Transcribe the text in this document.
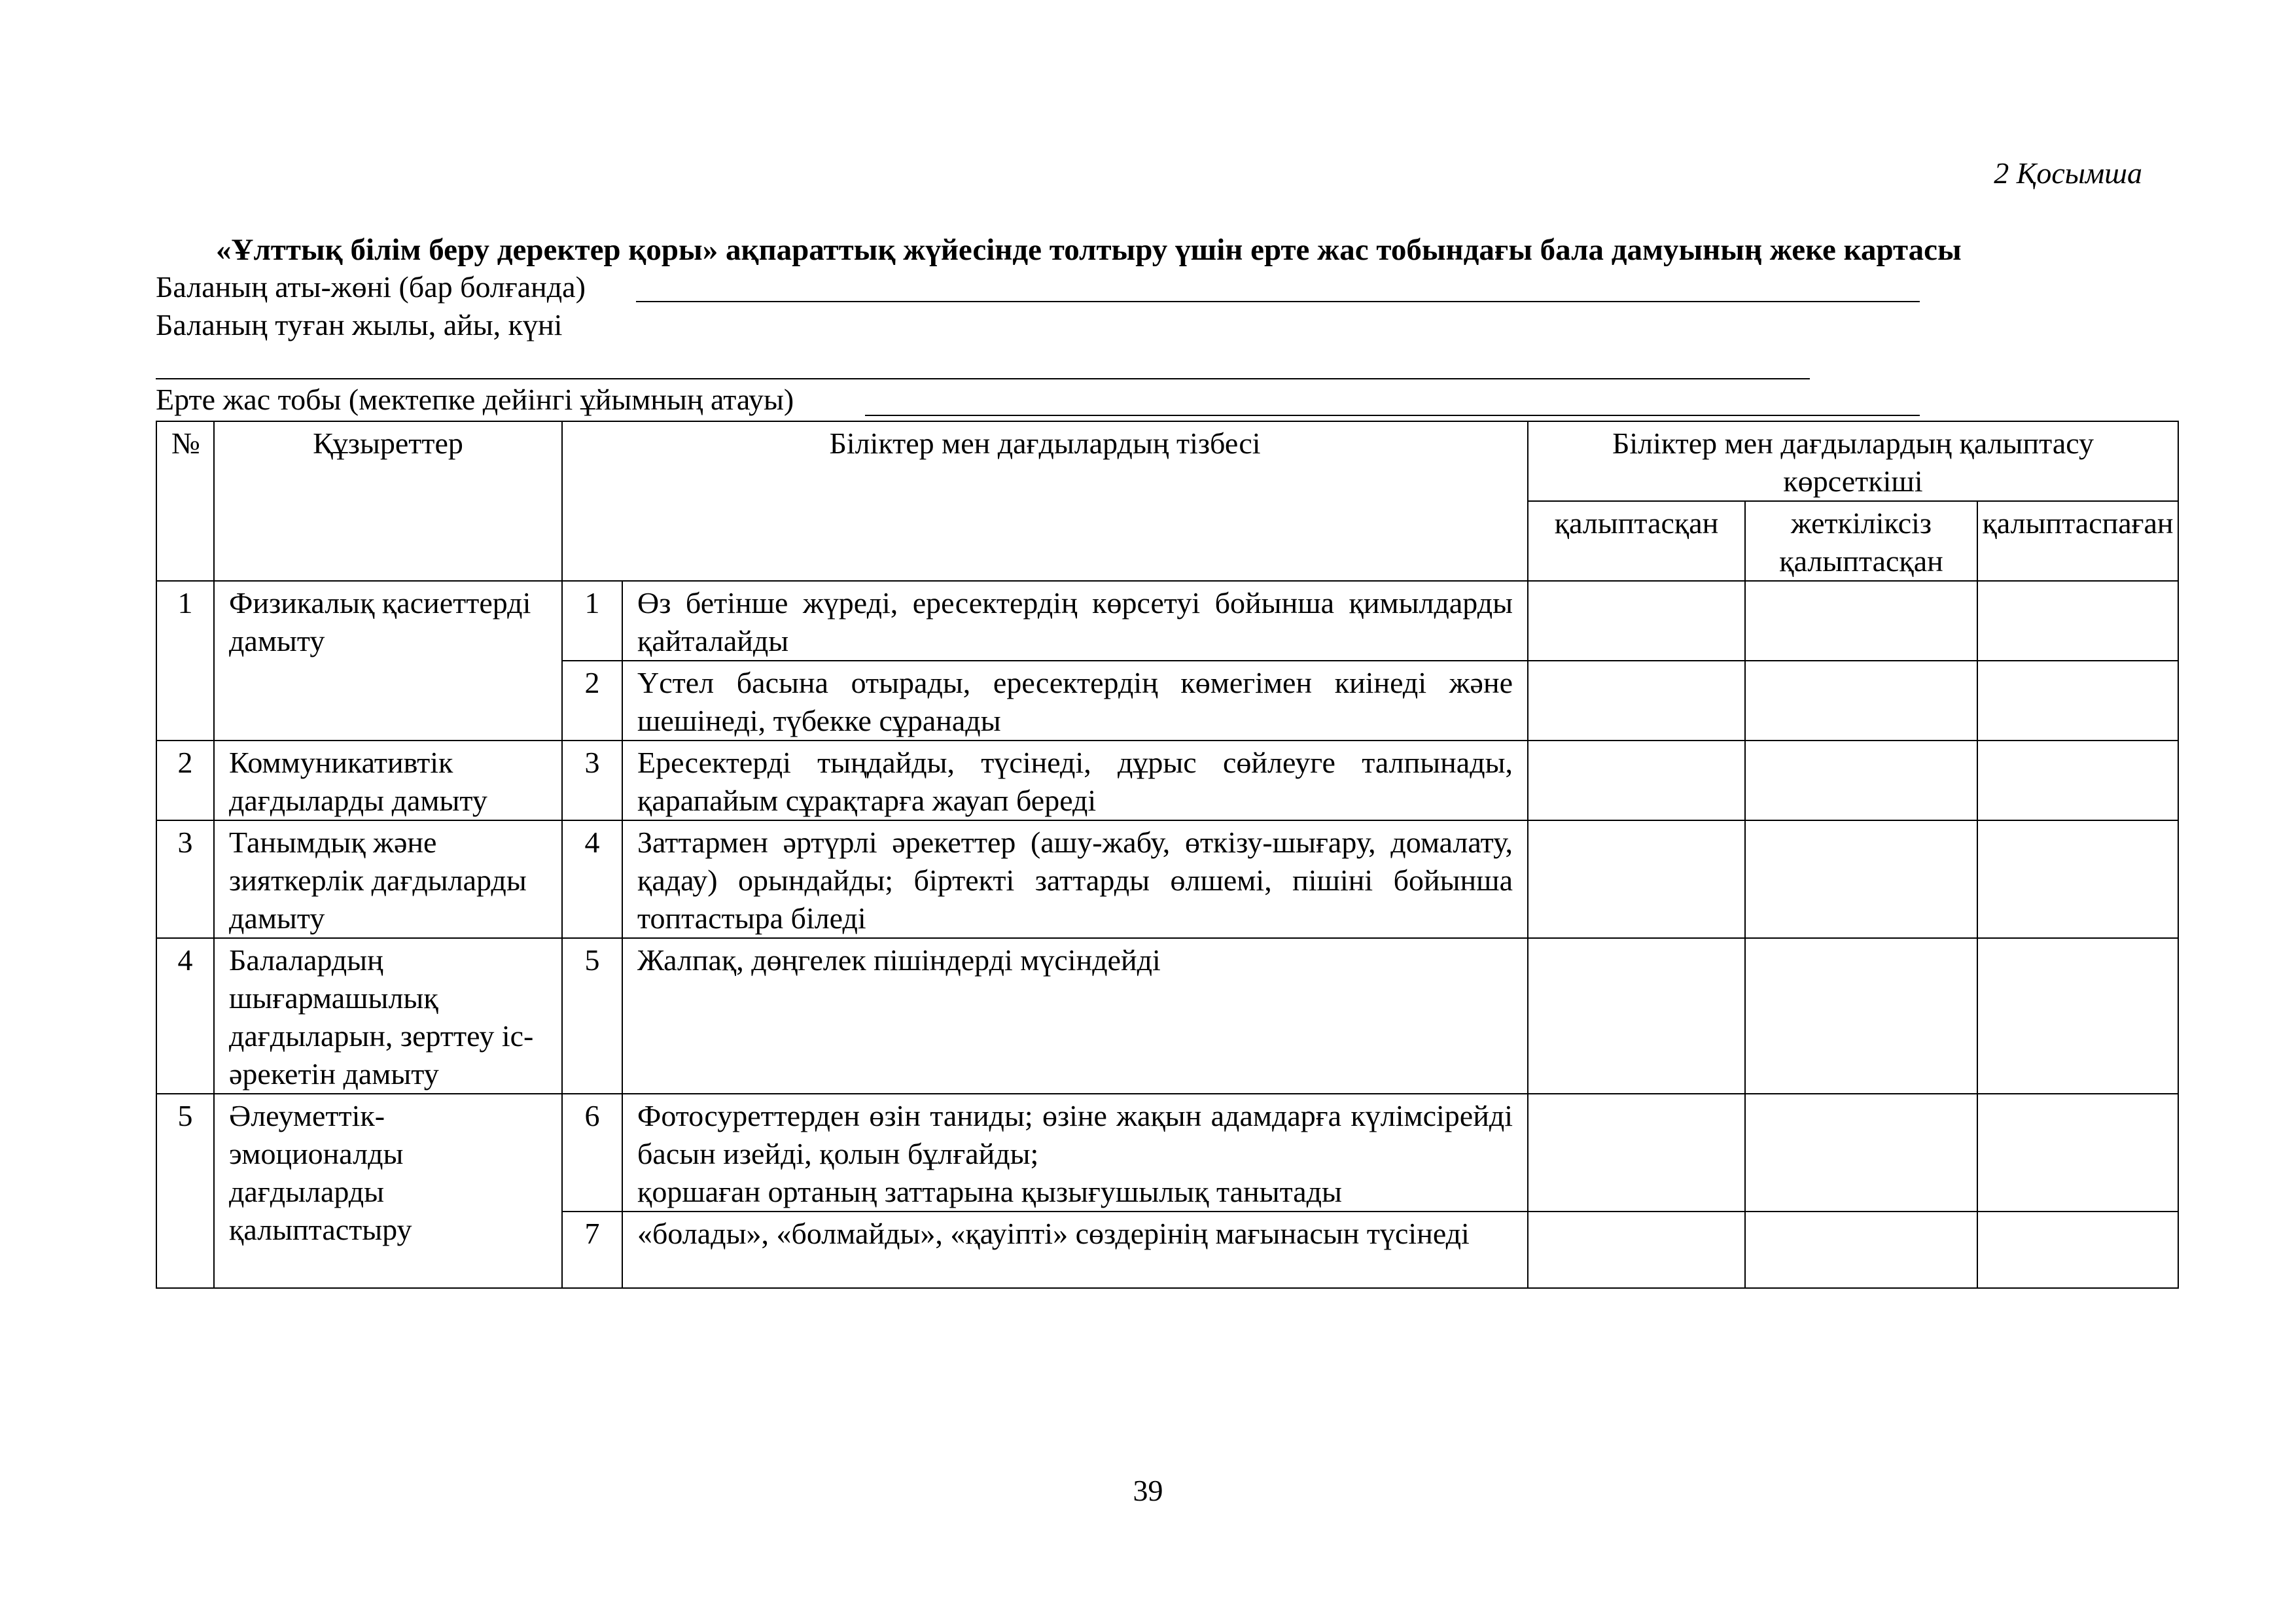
2 Қосымша
«Ұлттық білім беру деректер қоры» ақпараттық жүйесінде толтыру үшін ерте жас тобындағы бала дамуының жеке картасы
Баланың аты-жөні (бар болғанда)
Баланың туған жылы, айы, күні
Ерте жас тобы (мектепке дейінгі ұйымның атауы)
№	Құзыреттер	Біліктер мен дағдылардың тізбесі		Біліктер мен дағдылардың қалыптасу көрсеткіші		
				қалыптасқан	жеткіліксіз қалыптасқан	қалыптаспаған
1	Физикалық қасиеттерді дамыту	1	Өз бетінше жүреді, ересектердің көрсетуі бойынша қимылдарды қайталайды			
		2	Үстел басына отырады, ересектердің көмегімен киінеді және шешінеді, түбекке сұранады			
2	Коммуникативтік дағдыларды дамыту	3	Ересектерді тыңдайды, түсінеді, дұрыс сөйлеуге талпынады, қарапайым сұрақтарға жауап береді			
3	Танымдық және зияткерлік дағдыларды дамыту	4	Заттармен әртүрлі әрекеттер (ашу-жабу, өткізу-шығару, домалату, қадау) орындайды; біртекті заттарды өлшемі, пішіні бойынша топтастыра біледі			
4	Балалардың шығармашылық дағдыларын, зерттеу іс-әрекетін дамыту	5	Жалпақ, дөңгелек пішіндерді мүсіндейді			
5	Әлеуметтік-эмоционалды дағдыларды қалыптастыру	6	Фотосуреттерден өзін таниды; өзіне жақын адамдарға күлімсірейді басын изейді, қолын бұлғайды;
қоршаған ортаның заттарына қызығушылық танытады			

		7	«болады», «болмайды», «қауіпті» сөздерінің мағынасын түсінеді			
39
